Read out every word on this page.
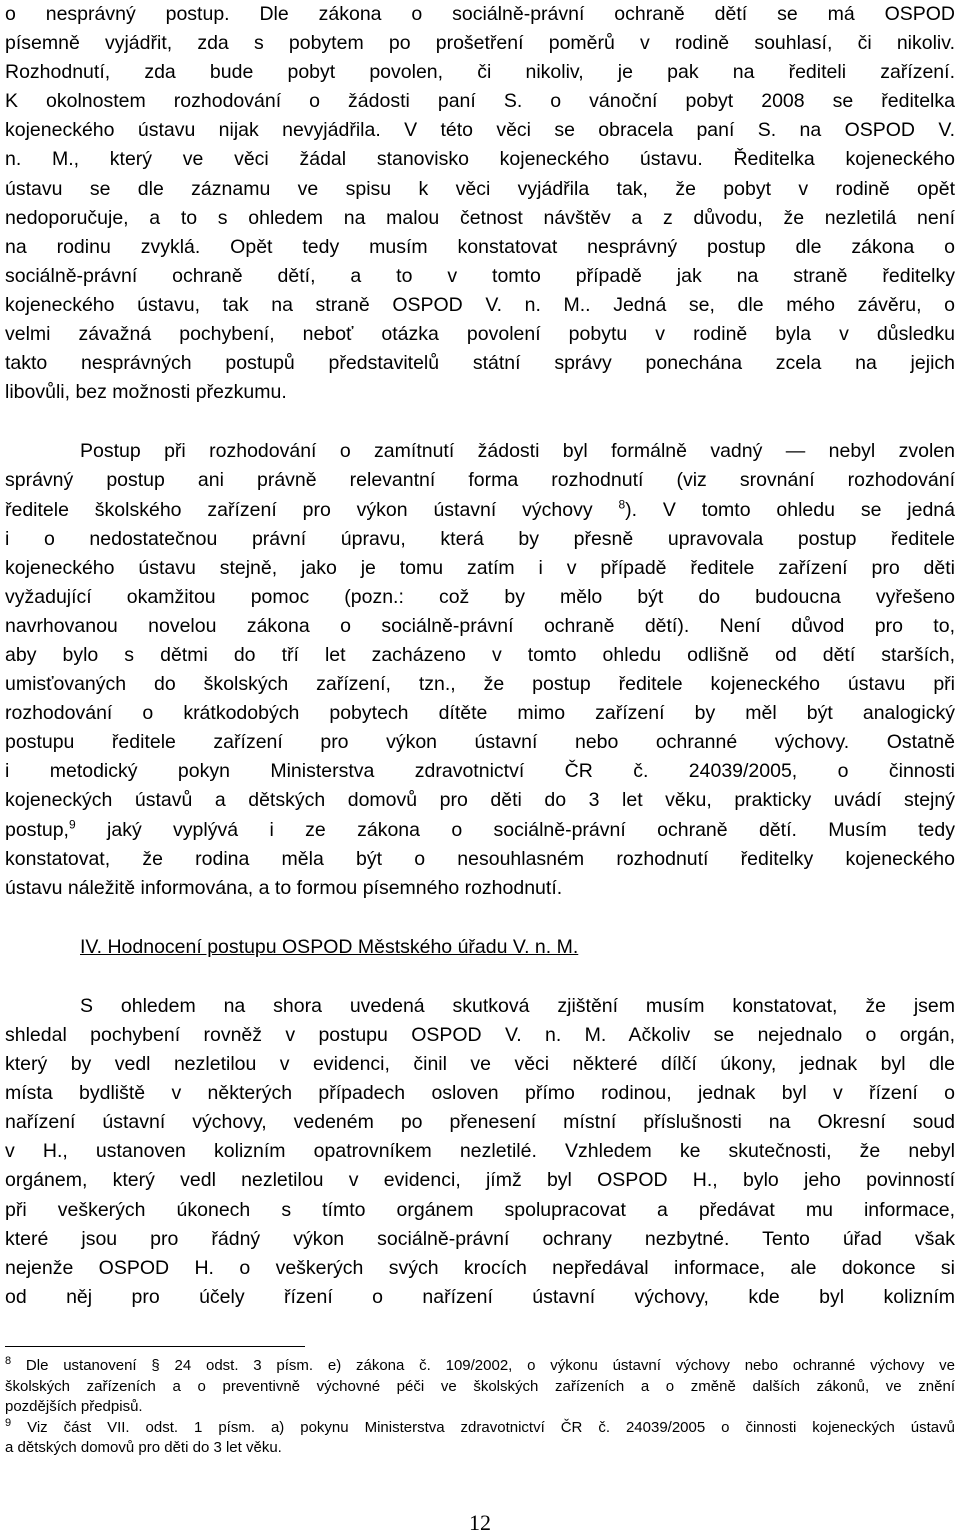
o nesprávný postup. Dle zákona o sociálně-právní ochraně dětí se má OSPOD
písemně vyjádřit, zda s pobytem po prošetření poměrů v rodině souhlasí, či nikoliv.
Rozhodnutí, zda bude pobyt povolen, či nikoliv, je pak na řediteli zařízení.
K okolnostem rozhodování o žádosti paní S. o vánoční pobyt 2008 se ředitelka
kojeneckého ústavu nijak nevyjádřila. V této věci se obracela paní S. na OSPOD V.
n. M., který ve věci žádal stanovisko kojeneckého ústavu. Ředitelka kojeneckého
ústavu se dle záznamu ve spisu k věci vyjádřila tak, že pobyt v rodině opět
nedoporučuje, a to s ohledem na malou četnost návštěv a z důvodu, že nezletilá není
na rodinu zvyklá. Opět tedy musím konstatovat nesprávný postup dle zákona o
sociálně-právní ochraně dětí, a to v tomto případě jak na straně ředitelky
kojeneckého ústavu, tak na straně OSPOD V. n. M.. Jedná se, dle mého závěru, o
velmi závažná pochybení, neboť otázka povolení pobytu v rodině byla v důsledku
takto nesprávných postupů představitelů státní správy ponechána zcela na jejich
libovůli, bez možnosti přezkumu.
Postup při rozhodování o zamítnutí žádosti byl formálně vadný — nebyl zvolen
správný postup ani právně relevantní forma rozhodnutí (viz srovnání rozhodování
ředitele školského zařízení pro výkon ústavní výchovy $^8$). V tomto ohledu se jedná
i o nedostatečnou právní úpravu, která by přesně upravovala postup ředitele
kojeneckého ústavu stejně, jako je tomu zatím i v případě ředitele zařízení pro děti
vyžadující okamžitou pomoc (pozn.: což by mělo být do budoucna vyřešeno
navrhovanou novelou zákona o sociálně-právní ochraně dětí). Není důvod pro to,
aby bylo s dětmi do tří let zacházeno v tomto ohledu odlišně od dětí starších,
umisťovaných do školských zařízení, tzn., že postup ředitele kojeneckého ústavu při
rozhodování o krátkodobých pobytech dítěte mimo zařízení by měl být analogický
postupu ředitele zařízení pro výkon ústavní nebo ochranné výchovy. Ostatně
i metodický pokyn Ministerstva zdravotnictví ČR č. 24039/2005, o činnosti
kojeneckých ústavů a dětských domovů pro děti do 3 let věku, prakticky uvádí stejný
postup,$^9$ jaký vyplývá i ze zákona o sociálně-právní ochraně dětí. Musím tedy
konstatovat, že rodina měla být o nesouhlasném rozhodnutí ředitelky kojeneckého
ústavu náležitě informována, a to formou písemného rozhodnutí.
IV. Hodnocení postupu OSPOD Městského úřadu V. n. M.
S ohledem na shora uvedená skutková zjištění musím konstatovat, že jsem
shledal pochybení rovněž v postupu OSPOD V. n. M. Ačkoliv se nejednalo o orgán,
který by vedl nezletilou v evidenci, činil ve věci některé dílčí úkony, jednak byl dle
místa bydliště v některých případech osloven přímo rodinou, jednak byl v řízení o
nařízení ústavní výchovy, vedeném po přenesení místní příslušnosti na Okresní soud
v H., ustanoven kolizním opatrovníkem nezletilé. Vzhledem ke skutečnosti, že nebyl
orgánem, který vedl nezletilou v evidenci, jímž byl OSPOD H., bylo jeho povinností
při veškerých úkonech s tímto orgánem spolupracovat a předávat mu informace,
které jsou pro řádný výkon sociálně-právní ochrany nezbytné. Tento úřad však
nejenže OSPOD H. o veškerých svých krocích nepředával informace, ale dokonce si
od něj pro účely řízení o nařízení ústavní výchovy, kde byl kolizním
$^8$ Dle ustanovení § 24 odst. 3 písm. e) zákona č. 109/2002, o výkonu ústavní výchovy nebo ochranné výchovy ve
školských zařízeních a o preventivně výchovné péči ve školských zařízeních a o změně dalších zákonů, ve znění
pozdějších předpisů.
$^9$ Viz část VII. odst. 1 písm. a) pokynu Ministerstva zdravotnictví ČR č. 24039/2005 o činnosti kojeneckých ústavů
a dětských domovů pro děti do 3 let věku.
12
